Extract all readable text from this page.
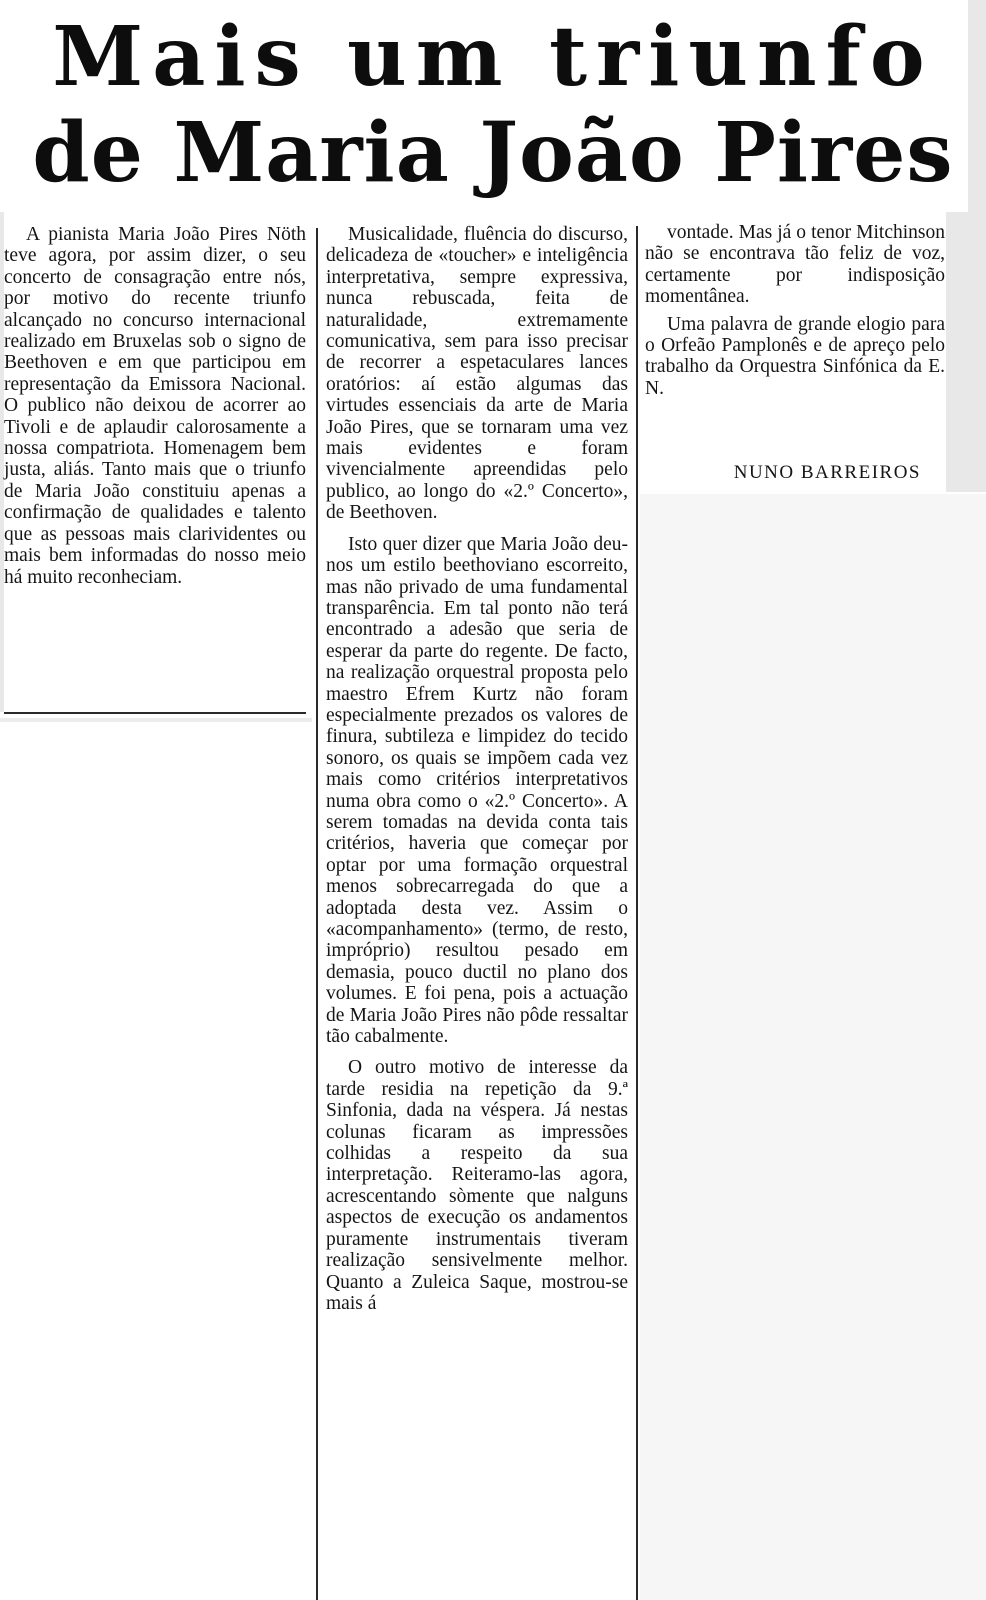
Mais um triunfo
de Maria João Pires

A pianista Maria João Pires Nöth teve agora, por assim dizer, o seu concerto de consagração entre nós, por motivo do recente triunfo alcançado no concurso internacional realizado em Bruxelas sob o signo de Beethoven e em que participou em representação da Emissora Nacional. O publico não deixou de acorrer ao Tivoli e de aplaudir calorosamente a nossa compatriota. Homenagem bem justa, aliás. Tanto mais que o triunfo de Maria João constituiu apenas a confirmação de qualidades e talento que as pessoas mais clarividentes ou mais bem informadas do nosso meio há muito reconheciam.

Musicalidade, fluência do discurso, delicadeza de «toucher» e inteligência interpretativa, sempre expressiva, nunca rebuscada, feita de naturalidade, extremamente comunicativa, sem para isso precisar de recorrer a espetaculares lances oratórios: aí estão algumas das virtudes essenciais da arte de Maria João Pires, que se tornaram uma vez mais evidentes e foram vivencialmente apreendidas pelo publico, ao longo do «2.º Concerto», de Beethoven.

Isto quer dizer que Maria João deu-nos um estilo beethoviano escorreito, mas não privado de uma fundamental transparência. Em tal ponto não terá encontrado a adesão que seria de esperar da parte do regente. De facto, na realização orquestral proposta pelo maestro Efrem Kurtz não foram especialmente prezados os valores de finura, subtileza e limpidez do tecido sonoro, os quais se impõem cada vez mais como critérios interpretativos numa obra como o «2.º Concerto». A serem tomadas na devida conta tais critérios, haveria que começar por optar por uma formação orquestral menos sobrecarregada do que a adoptada desta vez. Assim o «acompanhamento» (termo, de resto, impróprio) resultou pesado em demasia, pouco ductil no plano dos volumes. E foi pena, pois a actuação de Maria João Pires não pôde ressaltar tão cabalmente.

O outro motivo de interesse da tarde residia na repetição da 9.ª Sinfonia, dada na véspera. Já nestas colunas ficaram as impressões colhidas a respeito da sua interpretação. Reiteramo-las agora, acrescentando sòmente que nalguns aspectos de execução os andamentos puramente instrumentais tiveram realização sensivelmente melhor. Quanto a Zuleica Saque, mostrou-se mais á

vontade. Mas já o tenor Mitchinson não se encontrava tão feliz de voz, certamente por indisposição momentânea.

Uma palavra de grande elogio para o Orfeão Pamplonês e de apreço pelo trabalho da Orquestra Sinfónica da E. N.

NUNO BARREIROS
